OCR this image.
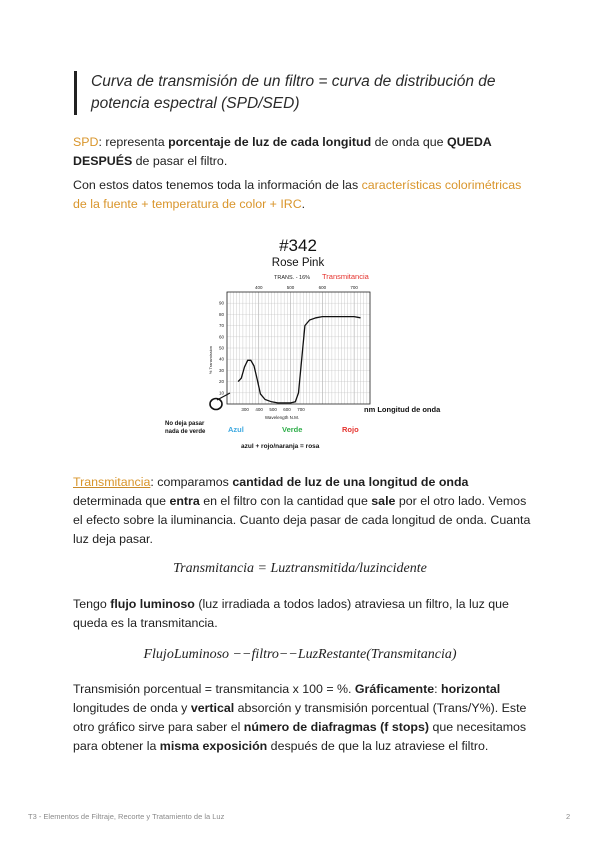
Curva de transmisión de un filtro = curva de distribución de potencia espectral (SPD/SED)
SPD: representa porcentaje de luz de cada longitud de onda que QUEDA DESPUÉS de pasar el filtro.
Con estos datos tenemos toda la información de las características colorimétricas de la fuente + temperatura de color + IRC.
#342
Rose Pink
TRANS. - 16% Transmitancia
400	500	600	700
10
20
30
40
50
60
70
80
90
300 400 500 600 700
% Transmission
Wavelength N.M.
No deja pasar nada de verde
nm Longitud de onda
Azul	Verde	Rojo
azul + rojo/naranja = rosa
Transmitancia: comparamos cantidad de luz de una longitud de onda determinada que entra en el filtro con la cantidad que sale por el otro lado. Vemos el efecto sobre la iluminancia. Cuanto deja pasar de cada longitud de onda. Cuanta luz deja pasar.
Transmitancia = Luztransmitida/luzincidente
Tengo flujo luminoso (luz irradiada a todos lados) atraviesa un filtro, la luz que queda es la transmitancia.
FlujoLuminoso −−filtro−−LuzRestante(Transmitancia)
Transmisión porcentual = transmitancia x 100 = %. Gráficamente: horizontal longitudes de onda y vertical absorción y transmisión porcentual (Trans/Y%). Este otro gráfico sirve para saber el número de diafragmas (f stops) que necesitamos para obtener la misma exposición después de que la luz atraviese el filtro.
T3 - Elementos de Filtraje, Recorte y Tratamiento de la Luz	2
